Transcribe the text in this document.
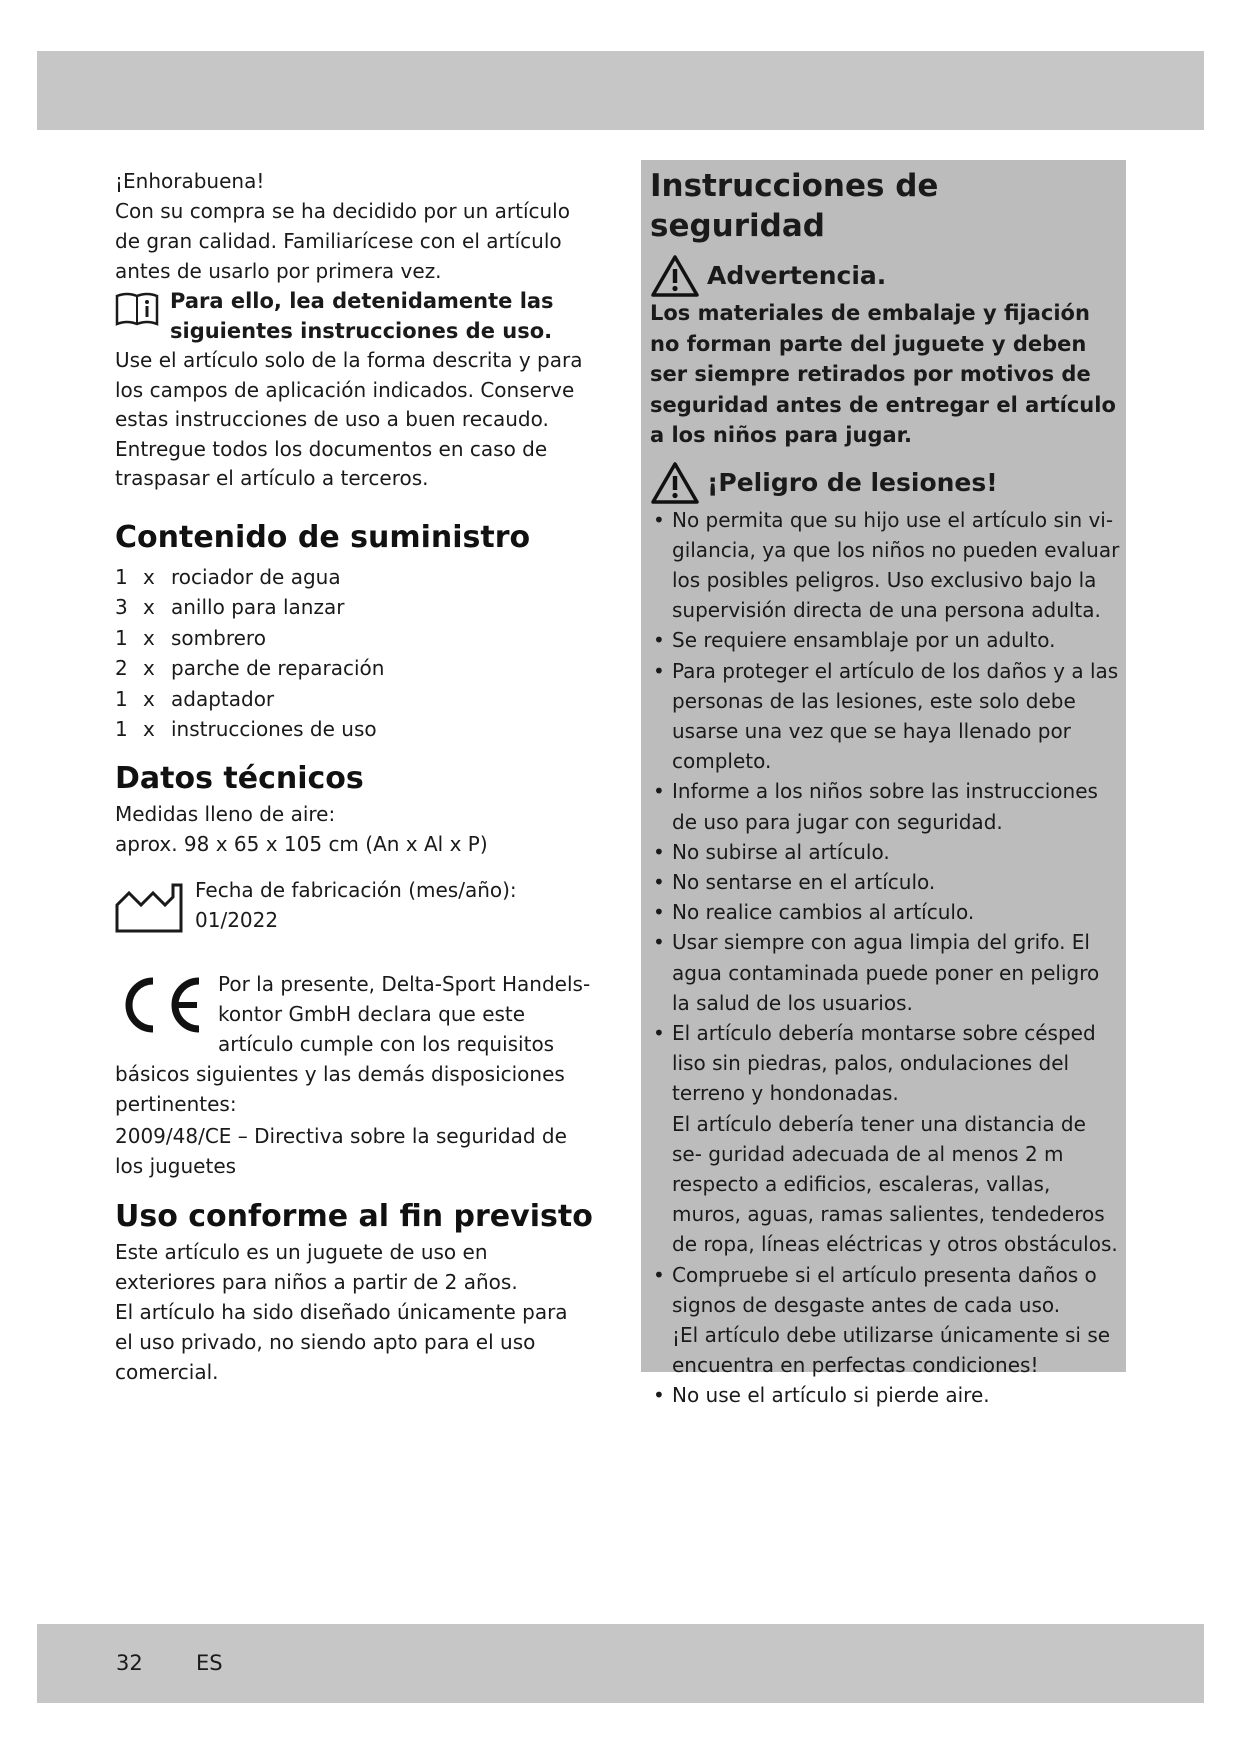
¡Enhorabuena!

Con su compra se ha decidido por un artículo de gran calidad. Familiarícese con el artículo antes de usarlo por primera vez.

Para ello, lea detenidamente las siguientes instrucciones de uso.

Use el artículo solo de la forma descrita y para los campos de aplicación indicados. Conserve estas instrucciones de uso a buen recaudo. Entregue todos los documentos en caso de traspasar el artículo a terceros.

Contenido de suministro
1 x rociador de agua
3 x anillo para lanzar
1 x sombrero
2 x parche de reparación
1 x adaptador
1 x instrucciones de uso
Datos técnicos

Medidas lleno de aire:

aprox. 98 x 65 x 105 cm (An x Al x P)

Fecha de fabricación (mes/año):

01/2022

Por la presente, Delta-Sport Handels-

kontor GmbH declara que este

artículo cumple con los requisitos

básicos siguientes y las demás disposiciones pertinentes:

2009/48/CE – Directiva sobre la seguridad de los juguetes

Uso conforme al fin previsto

Este artículo es un juguete de uso en exteriores para niños a partir de 2 años.

El artículo ha sido diseñado únicamente para el uso privado, no siendo apto para el uso comercial.

Instrucciones de seguridad
Advertencia.

Los materiales de embalaje y fijación no forman parte del juguete y deben ser siempre retirados por motivos de seguridad antes de entregar el artículo a los niños para jugar.

¡Peligro de lesiones!
• No permita que su hijo use el artículo sin vi- gilancia, ya que los niños no pueden evaluar los posibles peligros. Uso exclusivo bajo la supervisión directa de una persona adulta.
• Se requiere ensamblaje por un adulto.
• Para proteger el artículo de los daños y a las personas de las lesiones, este solo debe usarse una vez que se haya llenado por completo.
• Informe a los niños sobre las instrucciones de uso para jugar con seguridad.
• No subirse al artículo.
• No sentarse en el artículo.
• No realice cambios al artículo.
• Usar siempre con agua limpia del grifo. El agua contaminada puede poner en peligro la salud de los usuarios.
• El artículo debería montarse sobre césped liso sin piedras, palos, ondulaciones del terreno y hondonadas.

El artículo debería tener una distancia de se- guridad adecuada de al menos 2 m respecto a edificios, escaleras, vallas, muros, aguas, ramas salientes, tendederos de ropa, líneas eléctricas y otros obstáculos.

• Compruebe si el artículo presenta daños o signos de desgaste antes de cada uso.

¡El artículo debe utilizarse únicamente si se encuentra en perfectas condiciones!

• No use el artículo si pierde aire.
32	ES
